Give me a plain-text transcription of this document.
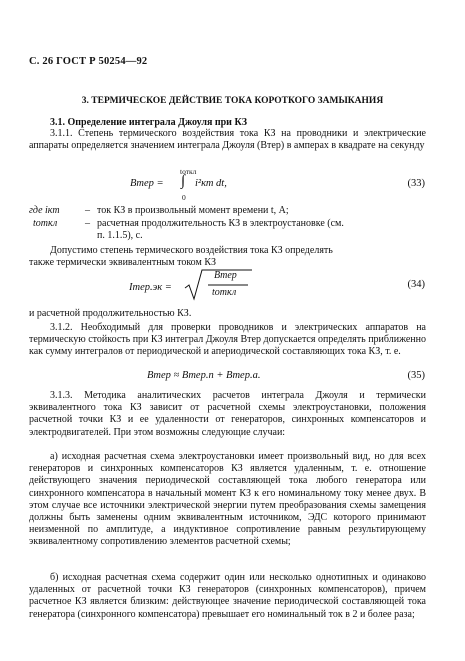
С. 26 ГОСТ Р 50254—92
3. ТЕРМИЧЕСКОЕ ДЕЙСТВИЕ ТОКА КОРОТКОГО ЗАМЫКАНИЯ
3.1. Определение интеграла Джоуля при КЗ
3.1.1. Степень термического воздействия тока КЗ на проводники и электрические аппараты определяется значением интеграла Джоуля (Bтер) в амперах в квадрате на секунду
tоткл
Bтер = ∫ i²кт dt,
0
(33)
где iкт	– ток КЗ в произвольный момент времени t, А;
tоткл	– расчетная продолжительность КЗ в электроустановке (см.
п. 1.1.5), с.
Допустимо степень термического воздействия тока КЗ определять
также термически эквивалентным током КЗ
Iтер.эк =
Bтер
tоткл
(34)
и расчетной продолжительностью КЗ.
3.1.2. Необходимый для проверки проводников и электрических аппаратов на термическую стойкость при КЗ интеграл Джоуля Bтер допускается определять приближенно как сумму интегралов от периодической и апериодической составляющих тока КЗ, т. е.
Bтер ≈ Bтер.п + Bтер.а.	(35)
3.1.3. Методика аналитических расчетов интеграла Джоуля и термически эквивалентного тока КЗ зависит от расчетной схемы электроустановки, положения расчетной точки КЗ и ее удаленности от генераторов, синхронных компенсаторов и электродвигателей. При этом возможны следующие случаи:
а) исходная расчетная схема электроустановки имеет произвольный вид, но для всех генераторов и синхронных компенсаторов КЗ является удаленным, т. е. отношение действующего значения периодической составляющей тока любого генератора или синхронного компенсатора в начальный момент КЗ к его номинальному току менее двух. В этом случае все источники электрической энергии путем преобразования схемы замещения должны быть заменены одним эквивалентным источником, ЭДС которого принимают неизменной по амплитуде, а индуктивное сопротивление равным результирующему эквивалентному сопротивлению элементов расчетной схемы;
б) исходная расчетная схема содержит один или несколько однотипных и одинаково удаленных от расчетной точки КЗ генераторов (синхронных компенсаторов), причем расчетное КЗ является близким: действующее значение периодической составляющей тока генератора (синхронного компенсатора) превышает его номинальный ток в 2 и более раза;
